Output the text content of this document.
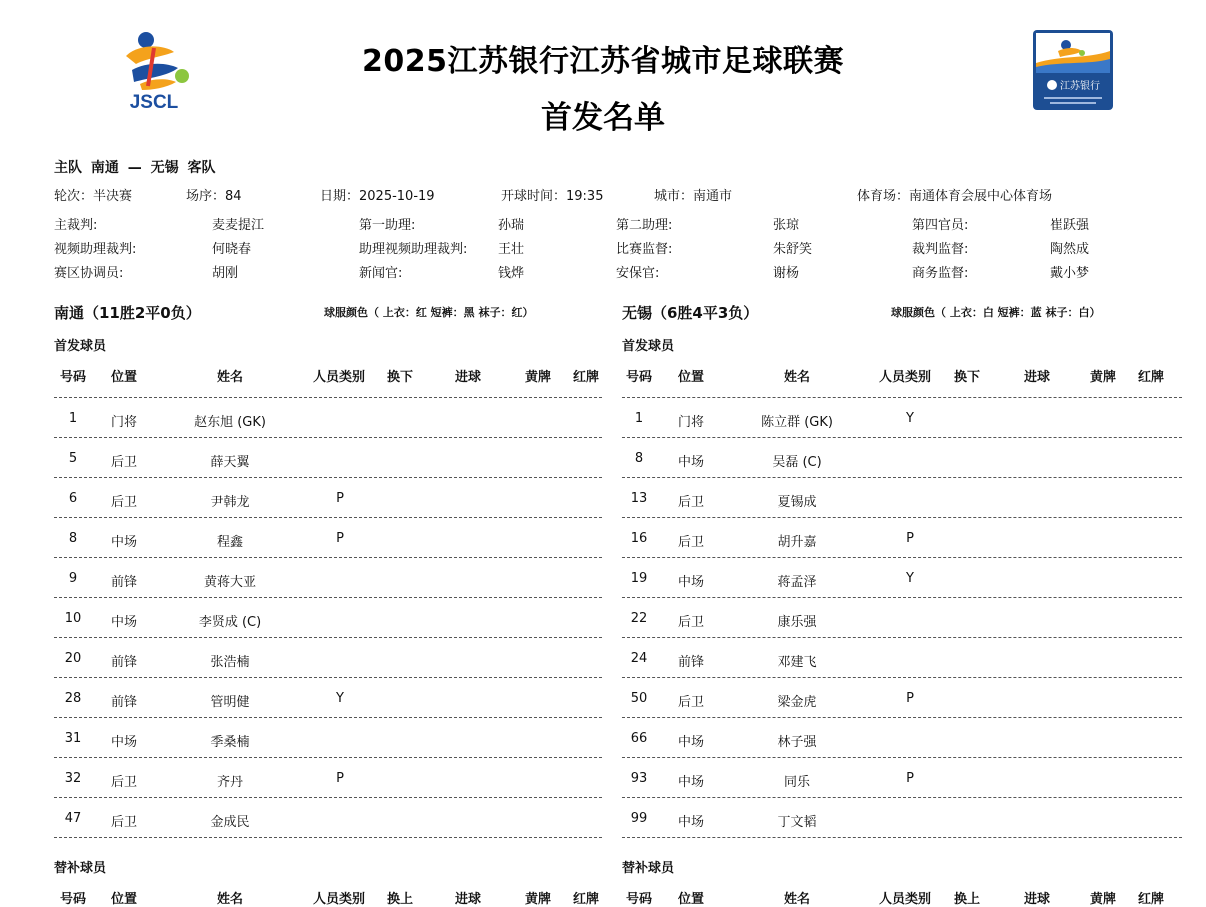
JSCL
江苏银行
2025江苏银行江苏省城市足球联赛
首发名单
主队 南通 — 无锡 客队
轮次：半决赛	场序：84	日期：2025-10-19	开球时间：19:35	城市：南通市	体育场：南通体育会展中心体育场
主裁判:	麦麦提江	第一助理:	孙瑞	第二助理:	张琼	第四官员:	崔跃强
视频助理裁判:	何晓春	助理视频助理裁判: 王壮	比赛监督:	朱舒笑	裁判监督:	陶然成
赛区协调员:	胡刚	新闻官:	钱烨	安保官:	谢杨	商务监督:	戴小梦
南通（11胜2平0负）	球服颜色（ 上衣：红 短裤：黑 袜子：红）	无锡（6胜4平3负）	球服颜色（ 上衣：白 短裤：蓝 袜子：白）
首发球员	首发球员
替补球员	替补球员
号码	位置	姓名	人员类别	换下	进球	黄牌	红牌
号码	位置	姓名	人员类别	换上	进球	黄牌	红牌
1	门将	赵东旭 (GK)
5	后卫	薛天翼
6	后卫	尹韩龙	P
8	中场	程鑫	P
9	前锋	黄蒋大亚
10	中场	李贤成 (C)
20	前锋	张浩楠
28	前锋	管明健	Y
31	中场	季桑楠
32	后卫	齐丹	P
47	后卫	金成民
号码	位置	姓名	人员类别	换下	进球	黄牌	红牌
号码	位置	姓名	人员类别	换上	进球	黄牌	红牌
1	门将	陈立群 (GK)	Y
8	中场	吴磊 (C)
13	后卫	夏锡成
16	后卫	胡升嘉	P
19	中场	蒋孟泽	Y
22	后卫	康乐强
24	前锋	邓建飞
50	后卫	梁金虎	P
66	中场	林子强
93	中场	同乐	P
99	中场	丁文韬
